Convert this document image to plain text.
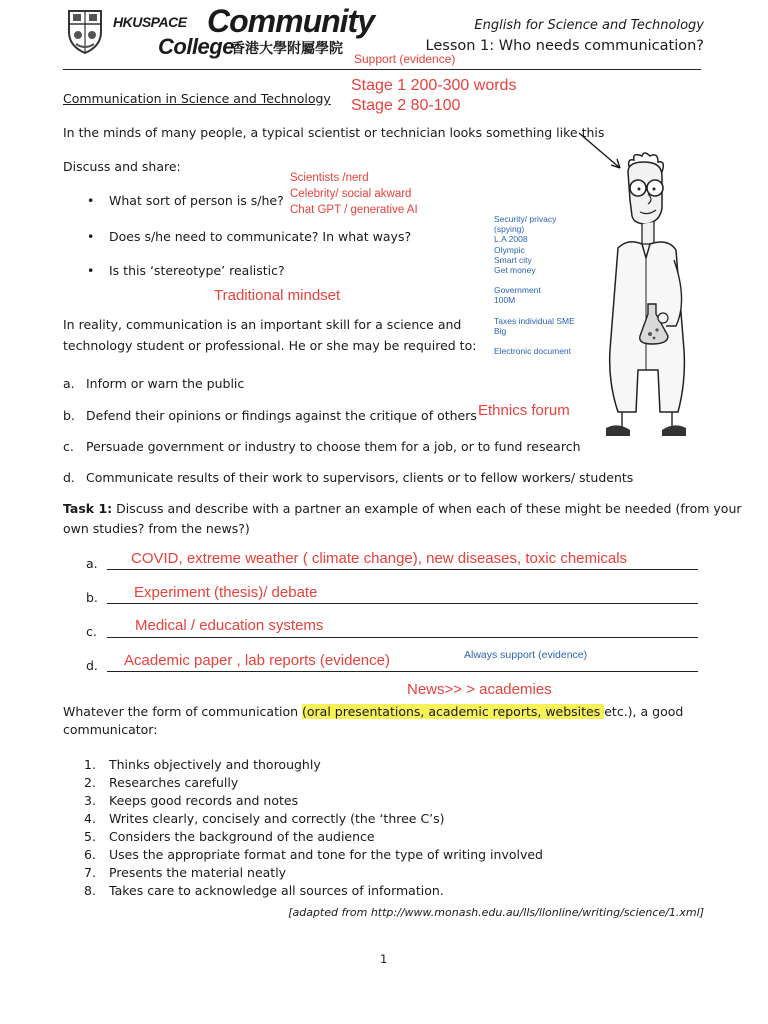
HKUSPACE Community
College
香港大學附屬學院
English for Science and Technology
Lesson 1: Who needs communication?
Support (evidence)
Stage 1 200-300 words
Stage 2 80-100
Communication in Science and Technology
In the minds of many people, a typical scientist or technician looks something like this
Discuss and share:
• What sort of person is s/he?
• Does s/he need to communicate? In what ways?
• Is this ‘stereotype’ realistic?
Scientists /nerd
Celebrity/ social akward
Chat GPT / generative AI
Security/ privacy
(spying)
L.A 2008
Olympic
Smart city
Get money
Government
100M
Taxes individual SME
Big
Electronic document
Traditional mindset
In reality, communication is an important skill for a science and
technology student or professional. He or she may be required to:
a. Inform or warn the public
b. Defend their opinions or findings against the critique of others
c. Persuade government or industry to choose them for a job, or to fund research
d. Communicate results of their work to supervisors, clients or to fellow workers/ students
Ethnics forum
Task 1: Discuss and describe with a partner an example of when each of these might be needed (from your
own studies? from the news?)
a. COVID, extreme weather ( climate change), new diseases, toxic chemicals
b. Experiment (thesis)/ debate
c.	Medical / education systems
d. Academic paper , lab reports (evidence)	Always support (evidence)
News>> > academies
Whatever the form of communication (oral presentations, academic reports, websites etc.), a good
communicator:
1. Thinks objectively and thoroughly
2. Researches carefully
3. Keeps good records and notes
4. Writes clearly, concisely and correctly (the ‘three C’s)
5. Considers the background of the audience
6. Uses the appropriate format and tone for the type of writing involved
7. Presents the material neatly
8. Takes care to acknowledge all sources of information.
[adapted from http://www.monash.edu.au/lls/llonline/writing/science/1.xml]
1
